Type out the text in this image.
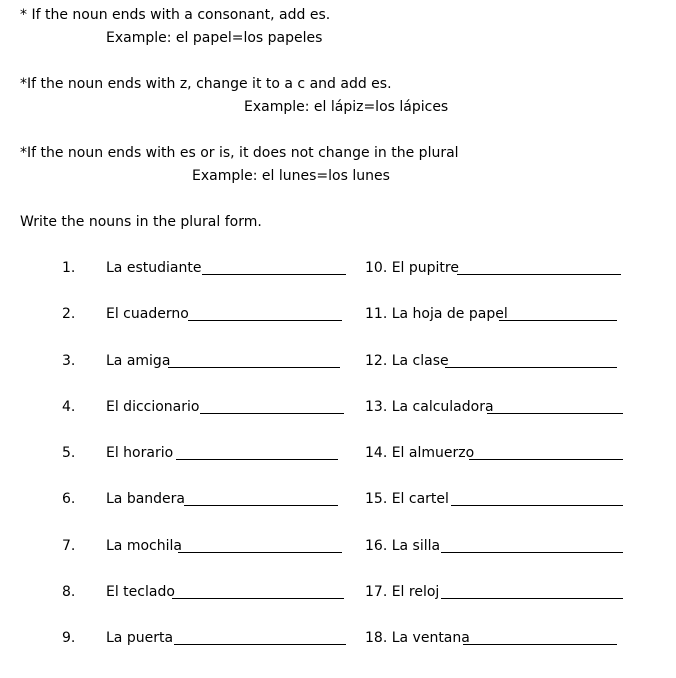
* If the noun ends with a consonant, add es.
Example: el papel=los papeles
*If the noun ends with z, change it to a c and add es.
Example: el lápiz=los lápices
*If the noun ends with es or is, it does not change in the plural
Example: el lunes=los lunes
Write the nouns in the plural form.
1.	La estudiante
2.	El cuaderno
3.	La amiga
4.	El diccionario
5.	El horario
6.	La bandera
7.	La mochila
8.	El teclado
9.	La puerta
10. El pupitre
11. La hoja de papel
12. La clase
13. La calculadora
14. El almuerzo
15. El cartel
16. La silla
17. El reloj
18. La ventana
